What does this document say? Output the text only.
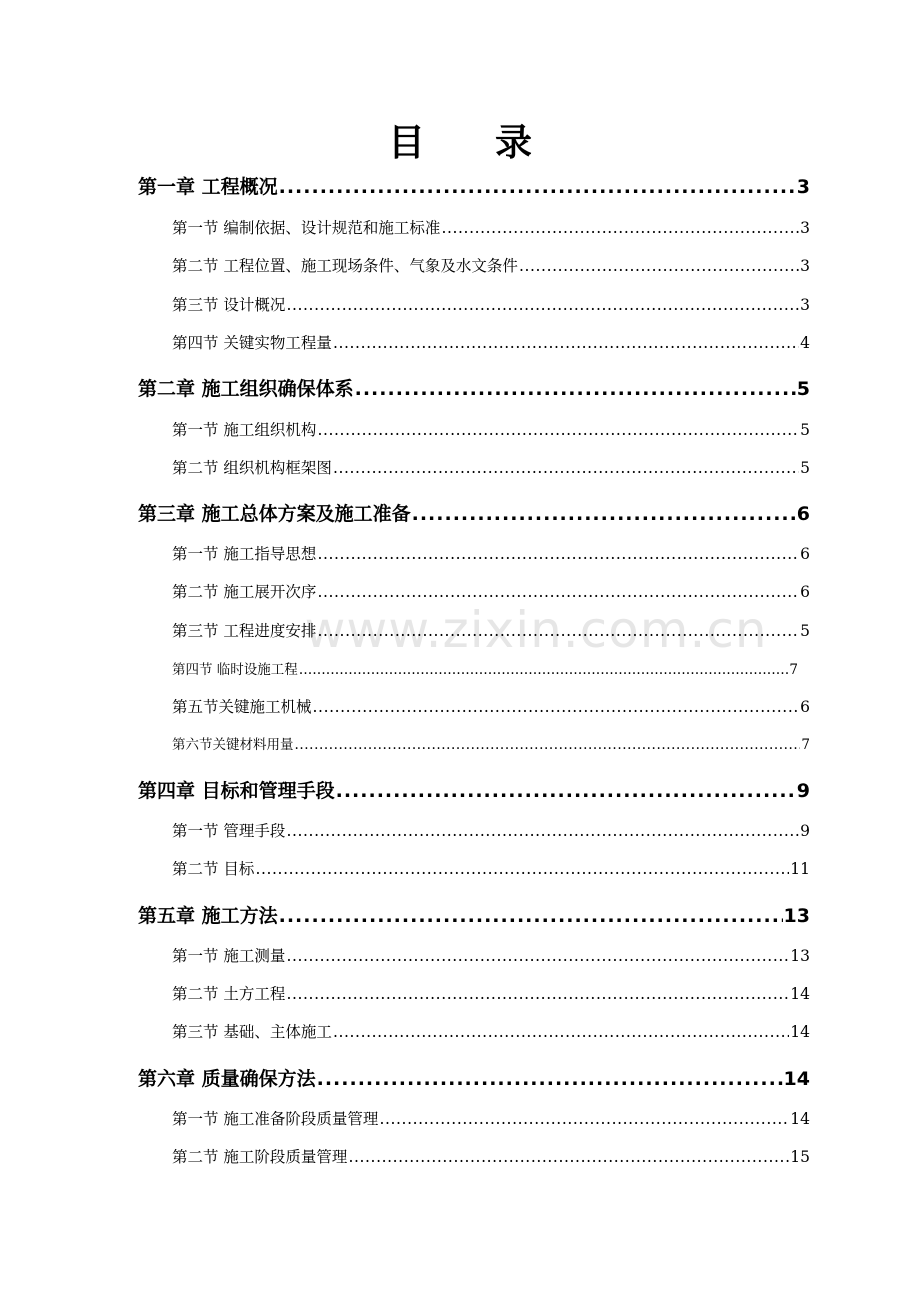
目 录
www.zixin.com.cn
第一章 工程概况 .....	3
第一节 编制依据、设计规范和施工标准 .....	3
第二节 工程位置、施工现场条件、气象及水文条件 .....	3
第三节 设计概况 .....	3
第四节 关键实物工程量 .....	4
第二章 施工组织确保体系 .....	5
第一节 施工组织机构 .....	5
第二节 组织机构框架图 .....	5
第三章 施工总体方案及施工准备 .....	6
第一节 施工指导思想 .....	6
第二节 施工展开次序 .....	6
第三节 工程进度安排 .....	5
第四节 临时设施工程 ……………………………………………………………………………………………………………………………………	7
第五节关键施工机械 .....	6
第六节关键材料用量 .....	7
第四章 目标和管理手段 .....	9
第一节 管理手段 .....	9
第二节 目标 .....	11
第五章 施工方法 .....	13
第一节 施工测量 .....	13
第二节 土方工程 .....	14
第三节 基础、主体施工 .....	14
第六章 质量确保方法 .....	14
第一节 施工准备阶段质量管理 .....	14
第二节 施工阶段质量管理 .....	15
